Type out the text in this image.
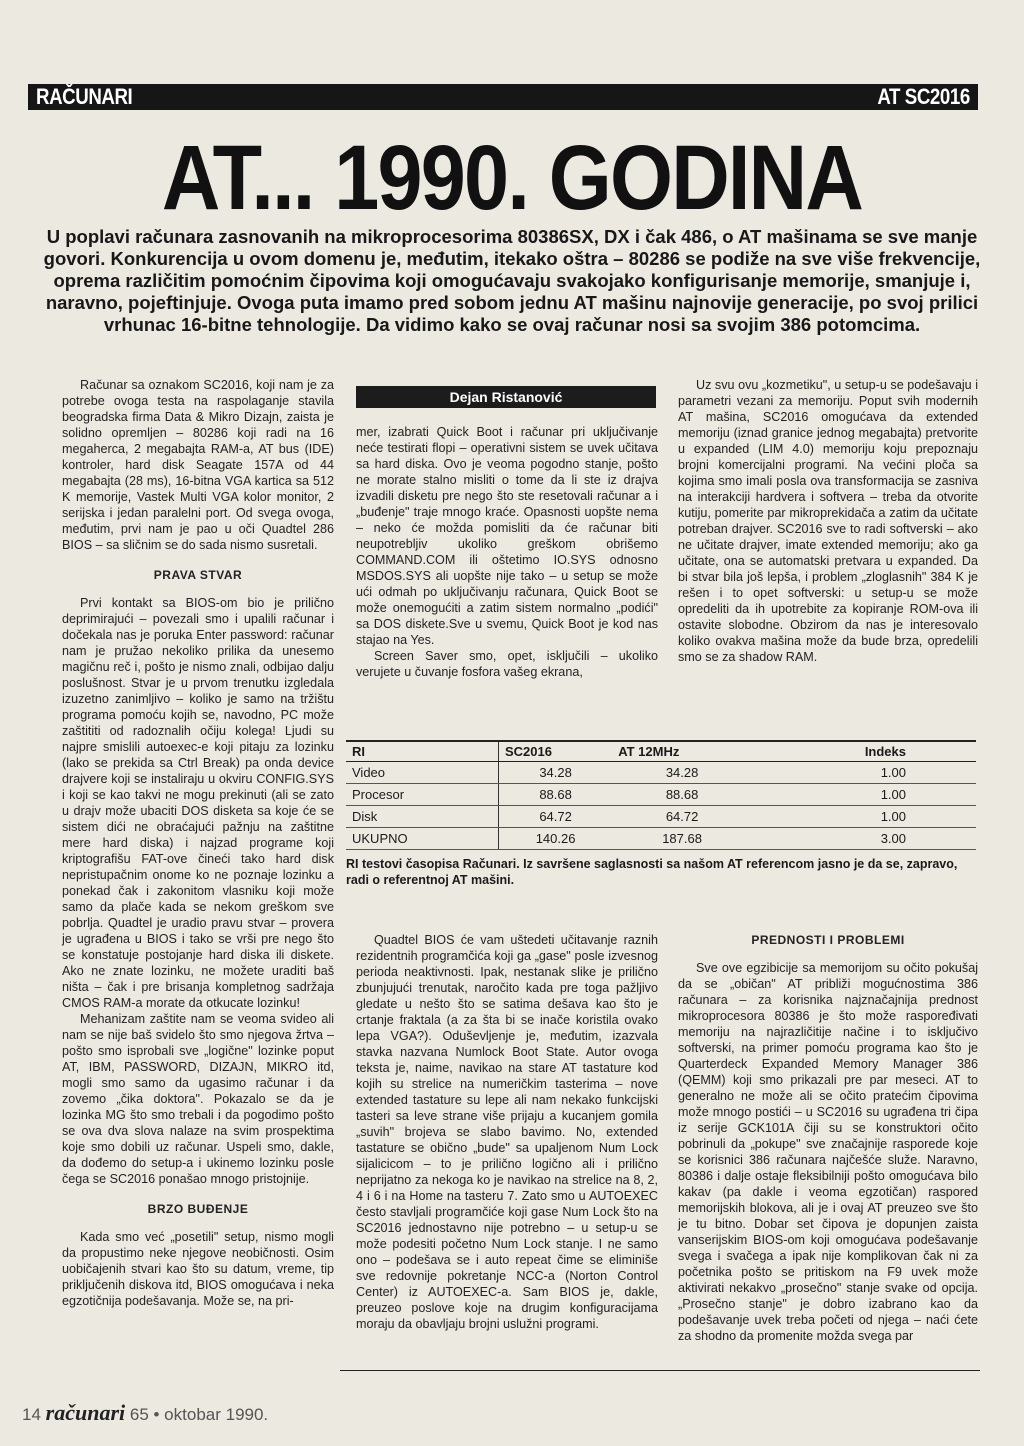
RAČUNARI	AT SC2016
AT... 1990. GODINA
U poplavi računara zasnovanih na mikroprocesorima 80386SX, DX i čak 486, o AT mašinama se sve manje govori. Konkurencija u ovom domenu je, međutim, itekako oštra – 80286 se podiže na sve više frekvencije, oprema različitim pomoćnim čipovima koji omogućavaju svakojako konfigurisanje memorije, smanjuje i, naravno, pojeftinjuje. Ovoga puta imamo pred sobom jednu AT mašinu najnovije generacije, po svoj prilici vrhunac 16-bitne tehnologije. Da vidimo kako se ovaj računar nosi sa svojim 386 potomcima.

Računar sa oznakom SC2016, koji nam je za potrebe ovoga testa na raspolaganje stavila beogradska firma Data & Mikro Dizajn, zaista je solidno opremljen – 80286 koji radi na 16 megaherca, 2 megabajta RAM-a, AT bus (IDE) kontroler, hard disk Seagate 157A od 44 megabajta (28 ms), 16-bitna VGA kartica sa 512 K memorije, Vastek Multi VGA kolor monitor, 2 serijska i jedan paralelni port. Od svega ovoga, međutim, prvi nam je pao u oči Quadtel 286 BIOS – sa sličnim se do sada nismo susretali.

PRAVA STVAR

Prvi kontakt sa BIOS-om bio je prilično deprimirajući – povezali smo i upalili računar i dočekala nas je poruka Enter password: računar nam je pružao nekoliko prilika da unesemo magičnu reč i, pošto je nismo znali, odbijao dalju poslušnost. Stvar je u prvom trenutku izgledala izuzetno zanimljivo – koliko je samo na tržištu programa pomoću kojih se, navodno, PC može zaštititi od radoznalih očiju kolega! Ljudi su najpre smislili autoexec-e koji pitaju za lozinku (lako se prekida sa Ctrl Break) pa onda device drajvere koji se instaliraju u okviru CONFIG.SYS i koji se kao takvi ne mogu prekinuti (ali se zato u drajv može ubaciti DOS disketa sa koje će se sistem dići ne obraćajući pažnju na zaštitne mere hard diska) i najzad programe koji kriptografišu FAT-ove čineći tako hard disk nepristupačnim onome ko ne poznaje lozinku a ponekad čak i zakonitom vlasniku koji može samo da plače kada se nekom greškom sve pobrlja. Quadtel je uradio pravu stvar – provera je ugrađena u BIOS i tako se vrši pre nego što se konstatuje postojanje hard diska ili diskete. Ako ne znate lozinku, ne možete uraditi baš ništa – čak i pre brisanja kompletnog sadržaja CMOS RAM-a morate da otkucate lozinku!

Mehanizam zaštite nam se veoma svideo ali nam se nije baš svidelo što smo njegova žrtva – pošto smo isprobali sve „logične" lozinke poput AT, IBM, PASSWORD, DIZAJN, MIKRO itd, mogli smo samo da ugasimo računar i da zovemo „čika doktora". Pokazalo se da je lozinka MG što smo trebali i da pogodimo pošto se ova dva slova nalaze na svim prospektima koje smo dobili uz računar. Uspeli smo, dakle, da dođemo do setup-a i ukinemo lozinku posle čega se SC2016 ponašao mnogo pristojnije.

BRZO BUĐENJE

Kada smo već „posetili" setup, nismo mogli da propustimo neke njegove neobičnosti. Osim uobičajenih stvari kao što su datum, vreme, tip priključenih diskova itd, BIOS omogućava i neka egzotičnija podešavanja. Može se, na pri-

Dejan Ristanović

mer, izabrati Quick Boot i računar pri uključivanje neće testirati flopi – operativni sistem se uvek učitava sa hard diska. Ovo je veoma pogodno stanje, pošto ne morate stalno misliti o tome da li ste iz drajva izvadili disketu pre nego što ste resetovali računar a i „buđenje" traje mnogo kraće. Opasnosti uopšte nema – neko će možda pomisliti da će računar biti neupotrebljiv ukoliko greškom obrišemo COMMAND.COM ili oštetimo IO.SYS odnosno MSDOS.SYS ali uopšte nije tako – u setup se može ući odmah po uključivanju računara, Quick Boot se može onemogućiti a zatim sistem normalno „podići" sa DOS diskete.Sve u svemu, Quick Boot je kod nas stajao na Yes.

Screen Saver smo, opet, isključili – ukoliko verujete u čuvanje fosfora vašeg ekrana,

Uz svu ovu „kozmetiku", u setup-u se podešavaju i parametri vezani za memoriju. Poput svih modernih AT mašina, SC2016 omogućava da extended memoriju (iznad granice jednog megabajta) pretvorite u expanded (LIM 4.0) memoriju koju prepoznaju brojni komercijalni programi. Na većini ploča sa kojima smo imali posla ova transformacija se zasniva na interakciji hardvera i softvera – treba da otvorite kutiju, pomerite par mikroprekidača a zatim da učitate potreban drajver. SC2016 sve to radi softverski – ako ne učitate drajver, imate extended memoriju; ako ga učitate, ona se automatski pretvara u expanded. Da bi stvar bila još lepša, i problem „zloglasnih" 384 K je rešen i to opet softverski: u setup-u se može opredeliti da ih upotrebite za kopiranje ROM-ova ili ostavite slobodne. Obzirom da nas je interesovalo koliko ovakva mašina može da bude brza, opredelili smo se za shadow RAM.

RI	SC2016	AT 12MHz	Indeks
Video	34.28	34.28	1.00
Procesor	88.68	88.68	1.00
Disk	64.72	64.72	1.00
UKUPNO	140.26	187.68	3.00
RI testovi časopisa Računari. Iz savršene saglasnosti sa našom AT referencom jasno je da se, zapravo, radi o referentnoj AT mašini.

Quadtel BIOS će vam uštedeti učitavanje raznih rezidentnih programčića koji ga „gase" posle izvesnog perioda neaktivnosti. Ipak, nestanak slike je prilično zbunjujući trenutak, naročito kada pre toga pažljivo gledate u nešto što se satima dešava kao što je crtanje fraktala (a za šta bi se inače koristila ovako lepa VGA?). Oduševljenje je, međutim, izazvala stavka nazvana Numlock Boot State. Autor ovoga teksta je, naime, navikao na stare AT tastature kod kojih su strelice na numeričkim tasterima – nove extended tastature su lepe ali nam nekako funkcijski tasteri sa leve strane više prijaju a kucanjem gomila „suvih" brojeva se slabo bavimo. No, extended tastature se obično „bude" sa upaljenom Num Lock sijalicicom – to je prilično logično ali i prilično neprijatno za nekoga ko je navikao na strelice na 8, 2, 4 i 6 i na Home na tasteru 7. Zato smo u AUTOEXEC često stavljali programčiće koji gase Num Lock što na SC2016 jednostavno nije potrebno – u setup-u se može podesiti početno Num Lock stanje. I ne samo ono – podešava se i auto repeat čime se eliminiše sve redovnije pokretanje NCC-a (Norton Control Center) iz AUTOEXEC-a. Sam BIOS je, dakle, preuzeo poslove koje na drugim konfiguracijama moraju da obavljaju brojni uslužni programi.

PREDNOSTI I PROBLEMI

Sve ove egzibicije sa memorijom su očito pokušaj da se „običan" AT približi mogućnostima 386 računara – za korisnika najznačajnija prednost mikroprocesora 80386 je što može raspoređivati memoriju na najrazličitije načine i to isključivo softverski, na primer pomoću programa kao što je Quarterdeck Expanded Memory Manager 386 (QEMM) koji smo prikazali pre par meseci. AT to generalno ne može ali se očito pratećim čipovima može mnogo postići – u SC2016 su ugrađena tri čipa iz serije GCK101A čiji su se konstruktori očito pobrinuli da „pokupe" sve značajnije rasporede koje se korisnici 386 računara najčešće služe. Naravno, 80386 i dalje ostaje fleksibilniji pošto omogućava bilo kakav (pa dakle i veoma egzotičan) raspored memorijskih blokova, ali je i ovaj AT preuzeo sve što je tu bitno. Dobar set čipova je dopunjen zaista vanserijskim BIOS-om koji omogućava podešavanje svega i svačega a ipak nije komplikovan čak ni za početnika pošto se pritiskom na F9 uvek može aktivirati nekakvo „prosečno" stanje svake od opcija. „Prosečno stanje" je dobro izabrano kao da podešavanje uvek treba početi od njega – naći ćete za shodno da promenite možda svega par

14 računari 65 • oktobar 1990.
